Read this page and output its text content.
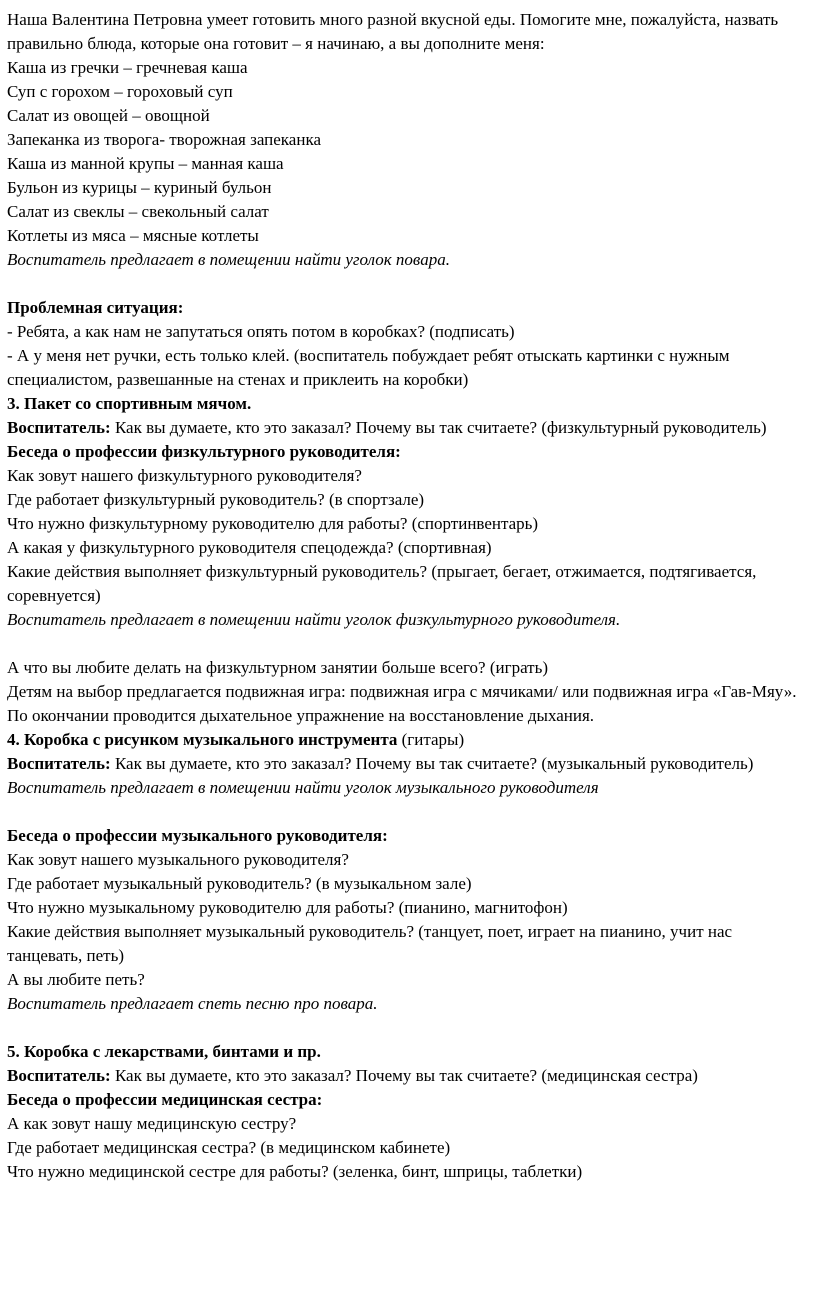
Наша Валентина Петровна умеет готовить много разной вкусной еды. Помогите мне, пожалуйста, назвать правильно блюда, которые она готовит – я начинаю, а вы дополните меня:

Каша из гречки – гречневая каша

Суп с горохом – гороховый суп

Салат из овощей – овощной

Запеканка из творога- творожная запеканка

Каша из манной крупы – манная каша

Бульон из курицы – куриный бульон

Салат из свеклы – свекольный салат

Котлеты из мяса – мясные котлеты

Воспитатель предлагает в помещении найти уголок повара.

Проблемная ситуация:

- Ребята, а как нам не запутаться опять потом в коробках? (подписать)

- А у меня нет ручки, есть только клей. (воспитатель побуждает ребят отыскать картинки с нужным специалистом, развешанные на стенах и приклеить на коробки)

3. Пакет со спортивным мячом.

Воспитатель: Как вы думаете, кто это заказал? Почему вы так считаете? (физкультурный руководитель)

Беседа о профессии физкультурного руководителя:

Как зовут нашего физкультурного руководителя?

Где работает физкультурный руководитель? (в спортзале)

Что нужно физкультурному руководителю для работы? (спортинвентарь)

А какая у физкультурного руководителя спецодежда? (спортивная)

Какие действия выполняет физкультурный руководитель? (прыгает, бегает, отжимается, подтягивается, соревнуется)

Воспитатель предлагает в помещении найти уголок физкультурного руководителя.

А что вы любите делать на физкультурном занятии больше всего? (играть)

Детям на выбор предлагается подвижная игра: подвижная игра с мячиками/ или подвижная игра «Гав-Мяу».

По окончании проводится дыхательное упражнение на восстановление дыхания.

4. Коробка с рисунком музыкального инструмента (гитары)

Воспитатель: Как вы думаете, кто это заказал? Почему вы так считаете? (музыкальный руководитель)

Воспитатель предлагает в помещении найти уголок музыкального руководителя

Беседа о профессии музыкального руководителя:

Как зовут нашего музыкального руководителя?

Где работает музыкальный руководитель? (в музыкальном зале)

Что нужно музыкальному руководителю для работы? (пианино, магнитофон)

Какие действия выполняет музыкальный руководитель? (танцует, поет, играет на пианино, учит нас танцевать, петь)

А вы любите петь?

Воспитатель предлагает спеть песню про повара.

5. Коробка с лекарствами, бинтами и пр.

Воспитатель: Как вы думаете, кто это заказал? Почему вы так считаете? (медицинская сестра)

Беседа о профессии медицинская сестра:

А как зовут нашу медицинскую сестру?

Где работает медицинская сестра? (в медицинском кабинете)

Что нужно медицинской сестре для работы? (зеленка, бинт, шприцы, таблетки)
